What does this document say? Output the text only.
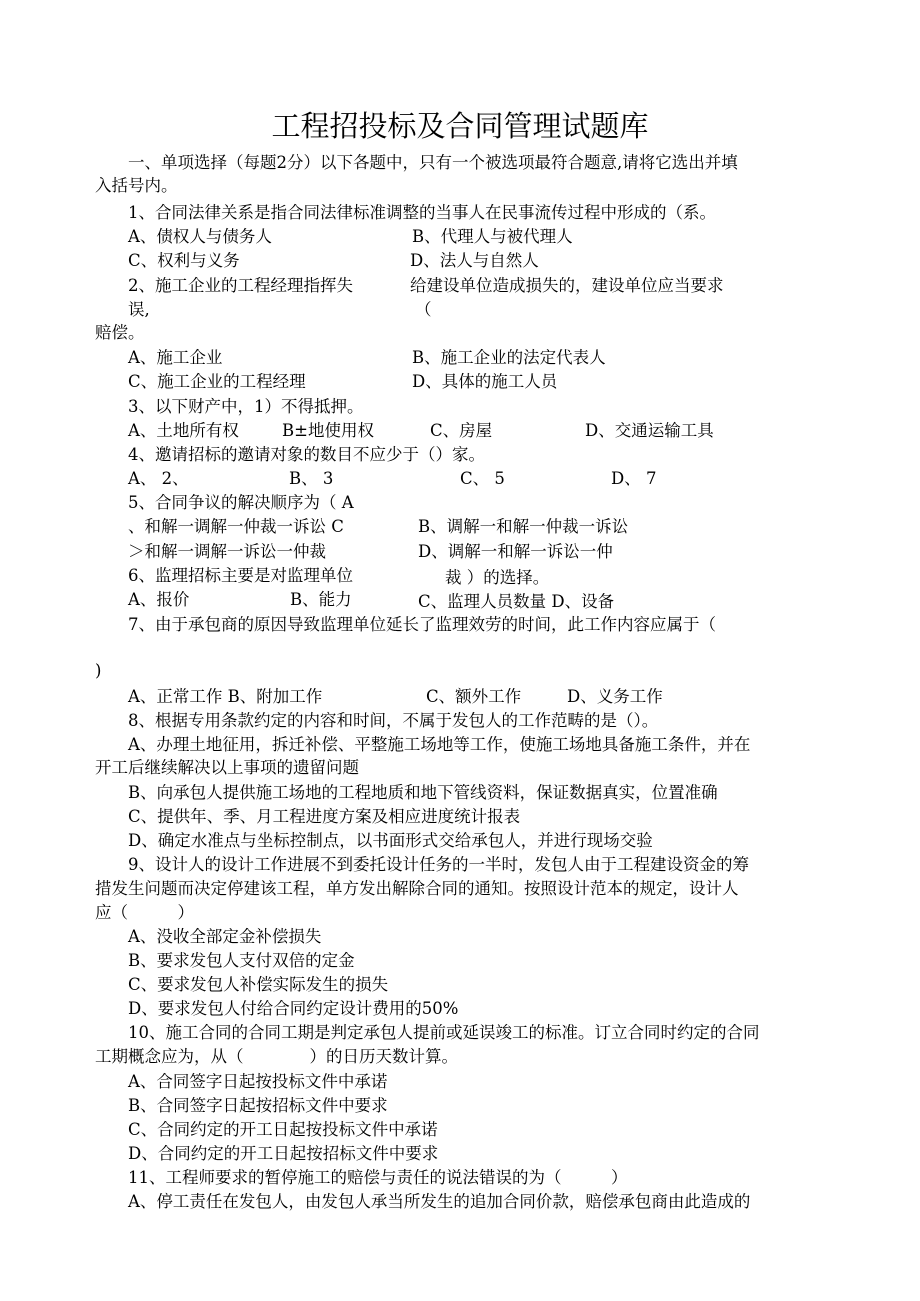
工程招投标及合同管理试题库
一、单项选择（每题2分）以下各题中，只有一个被选项最符合题意,请将它选出并填
入括号内。
1、合同法律关系是指合同法律标准调整的当事人在民事流传过程中形成的（系。
A、债权人与债务人	B、代理人与被代理人
C、权利与义务	D、法人与自然人
2、施工企业的工程经理指挥失	给建设单位造成损失的，建设单位应当要求
误,	（
赔偿。
A、施工企业	B、施工企业的法定代表人
C、施工企业的工程经理	D、具体的施工人员
3、以下财产中，1）不得抵押。
A、土地所有权	B±地使用权	C、房屋	D、交通运输工具
4、邀请招标的邀请对象的数目不应少于（）家。
A、 2、	B、 3	C、 5	D、 7
5、合同争议的解决顺序为（ A
、和解一调解一仲裁一诉讼 C	B、调解一和解一仲裁一诉讼
＞和解一调解一诉讼一仲裁	D、调解一和解一诉讼一仲
6、监理招标主要是对监理单位	裁 ）的选择。
A、报价	B、能力	C、监理人员数量 D、设备
7、由于承包商的原因导致监理单位延长了监理效劳的时间，此工作内容应属于（
)
A、正常工作 B、附加工作	C、额外工作	D、义务工作
8、根据专用条款约定的内容和时间，不属于发包人的工作范畴的是（）。
A、办理土地征用，拆迁补偿、平整施工场地等工作，使施工场地具备施工条件，并在
开工后继续解决以上事项的遗留问题
B、向承包人提供施工场地的工程地质和地下管线资料，保证数据真实，位置准确
C、提供年、季、月工程进度方案及相应进度统计报表
D、确定水准点与坐标控制点，以书面形式交给承包人，并进行现场交验
9、设计人的设计工作进展不到委托设计任务的一半时，发包人由于工程建设资金的筹
措发生问题而决定停建该工程，单方发出解除合同的通知。按照设计范本的规定，设计人
应（　　　）
A、没收全部定金补偿损失
B、要求发包人支付双倍的定金
C、要求发包人补偿实际发生的损失
D、要求发包人付给合同约定设计费用的50%
10、施工合同的合同工期是判定承包人提前或延误竣工的标准。订立合同时约定的合同
工期概念应为，从（　　　　）的日历天数计算。
A、合同签字日起按投标文件中承诺
B、合同签字日起按招标文件中要求
C、合同约定的开工日起按投标文件中承诺
D、合同约定的开工日起按招标文件中要求
11、工程师要求的暂停施工的赔偿与责任的说法错误的为（　　　）
A、停工责任在发包人，由发包人承当所发生的追加合同价款，赔偿承包商由此造成的
